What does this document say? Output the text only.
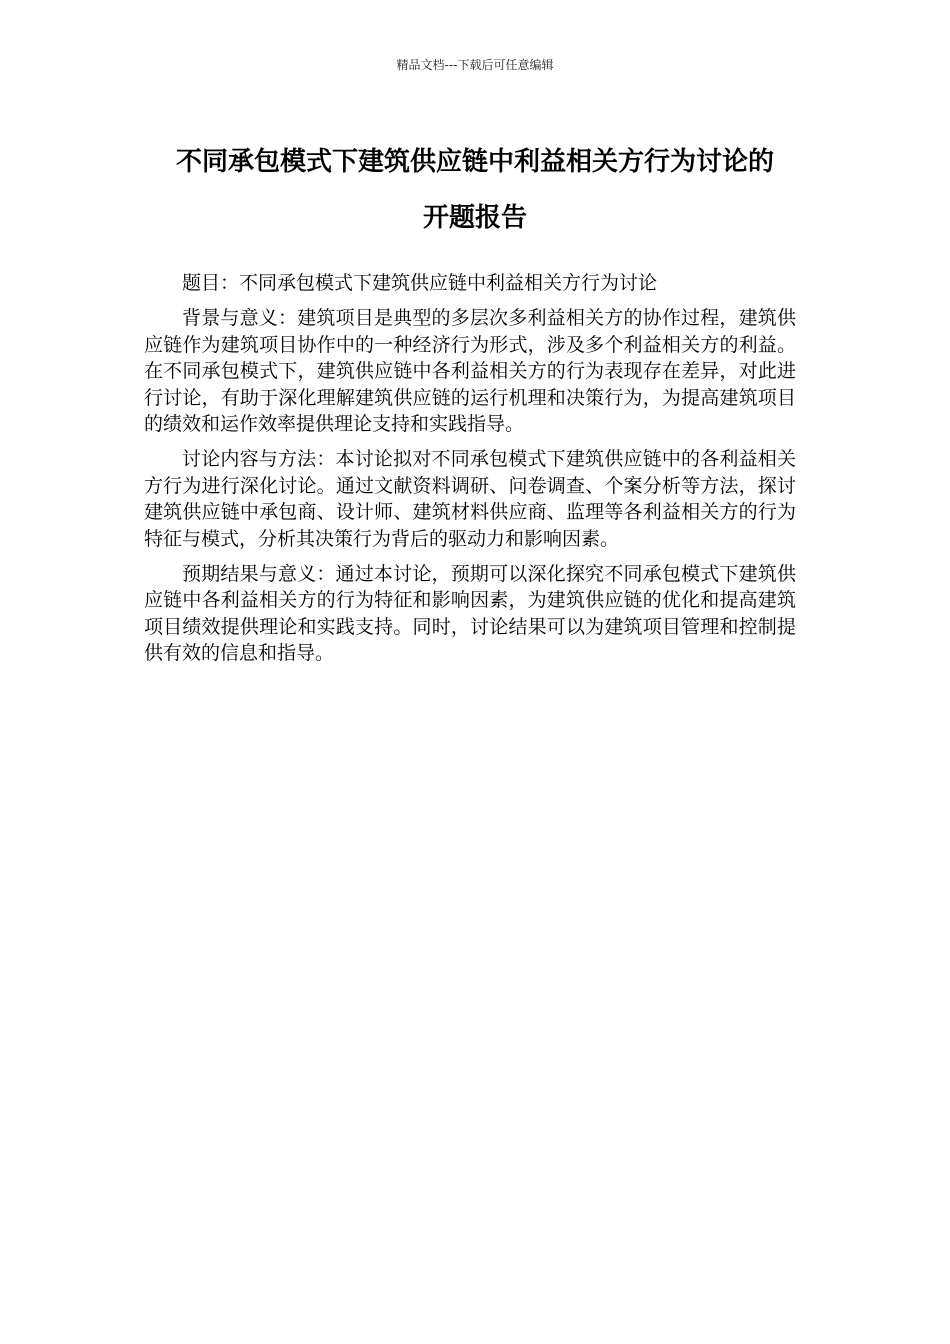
精品文档---下载后可任意编辑
不同承包模式下建筑供应链中利益相关方行为讨论的
开题报告

题目：不同承包模式下建筑供应链中利益相关方行为讨论

背景与意义：建筑项目是典型的多层次多利益相关方的协作过程，建筑供应链作为建筑项目协作中的一种经济行为形式，涉及多个利益相关方的利益。在不同承包模式下，建筑供应链中各利益相关方的行为表现存在差异，对此进行讨论，有助于深化理解建筑供应链的运行机理和决策行为，为提高建筑项目的绩效和运作效率提供理论支持和实践指导。

讨论内容与方法：本讨论拟对不同承包模式下建筑供应链中的各利益相关方行为进行深化讨论。通过文献资料调研、问卷调查、个案分析等方法，探讨建筑供应链中承包商、设计师、建筑材料供应商、监理等各利益相关方的行为特征与模式，分析其决策行为背后的驱动力和影响因素。

预期结果与意义：通过本讨论，预期可以深化探究不同承包模式下建筑供应链中各利益相关方的行为特征和影响因素，为建筑供应链的优化和提高建筑项目绩效提供理论和实践支持。同时，讨论结果可以为建筑项目管理和控制提供有效的信息和指导。
